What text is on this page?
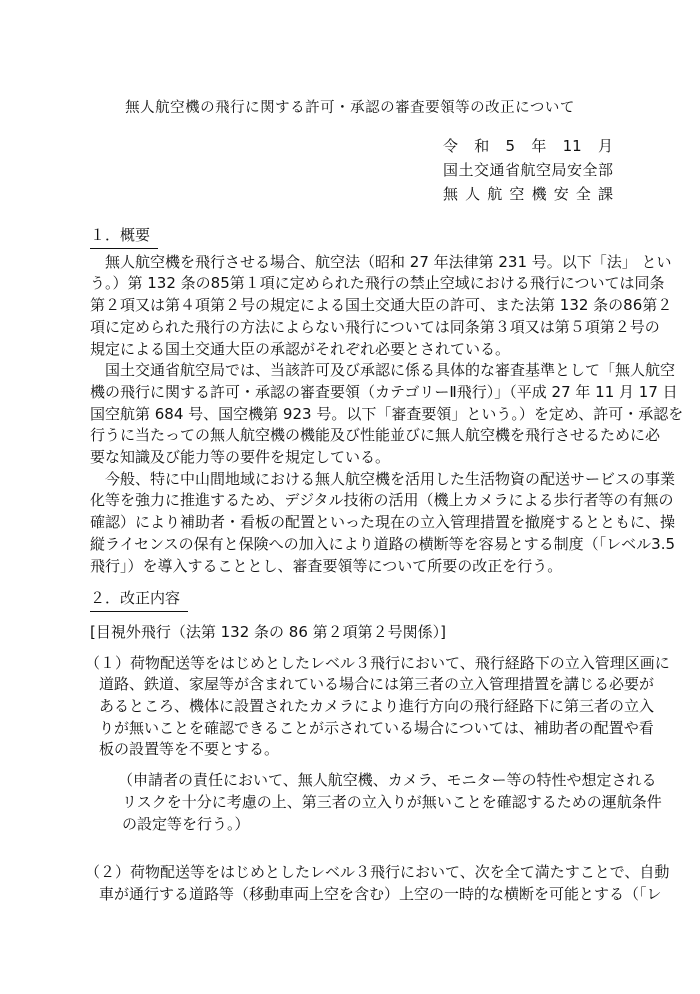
無人航空機の飛行に関する許可・承認の審査要領等の改正について
令和5年11月
国土交通省航空局安全部
無人航空機安全課
１．概要
無人航空機を飛行させる場合、航空法（昭和 27 年法律第 231 号。以下「法」 とい
う。）第 132 条の85第１項に定められた飛行の禁止空域における飛行については同条
第２項又は第４項第２号の規定による国土交通大臣の許可、また法第 132 条の86第２
項に定められた飛行の方法によらない飛行については同条第３項又は第５項第２号の
規定による国土交通大臣の承認がそれぞれ必要とされている。
国土交通省航空局では、当該許可及び承認に係る具体的な審査基準として「無人航空
機の飛行に関する許可・承認の審査要領（カテゴリーⅡ飛行）」（平成 27 年 11 月 17 日
国空航第 684 号、国空機第 923 号。以下「審査要領」という。）を定め、許可・承認を
行うに当たっての無人航空機の機能及び性能並びに無人航空機を飛行させるために必
要な知識及び能力等の要件を規定している。
今般、特に中山間地域における無人航空機を活用した生活物資の配送サービスの事業
化等を強力に推進するため、デジタル技術の活用（機上カメラによる歩行者等の有無の
確認）により補助者・看板の配置といった現在の立入管理措置を撤廃するとともに、操
縦ライセンスの保有と保険への加入により道路の横断等を容易とする制度（「レベル3.5
飛行」）を導入することとし、審査要領等について所要の改正を行う。
２．改正内容
[目視外飛行（法第 132 条の 86 第２項第２号関係）]
（１）荷物配送等をはじめとしたレベル３飛行において、飛行経路下の立入管理区画に
道路、鉄道、家屋等が含まれている場合には第三者の立入管理措置を講じる必要が
あるところ、機体に設置されたカメラにより進行方向の飛行経路下に第三者の立入
りが無いことを確認できることが示されている場合については、補助者の配置や看
板の設置等を不要とする。
（申請者の責任において、無人航空機、カメラ、モニター等の特性や想定される
リスクを十分に考慮の上、第三者の立入りが無いことを確認するための運航条件
の設定等を行う。）
（２）荷物配送等をはじめとしたレベル３飛行において、次を全て満たすことで、自動
車が通行する道路等（移動車両上空を含む）上空の一時的な横断を可能とする（「レ
